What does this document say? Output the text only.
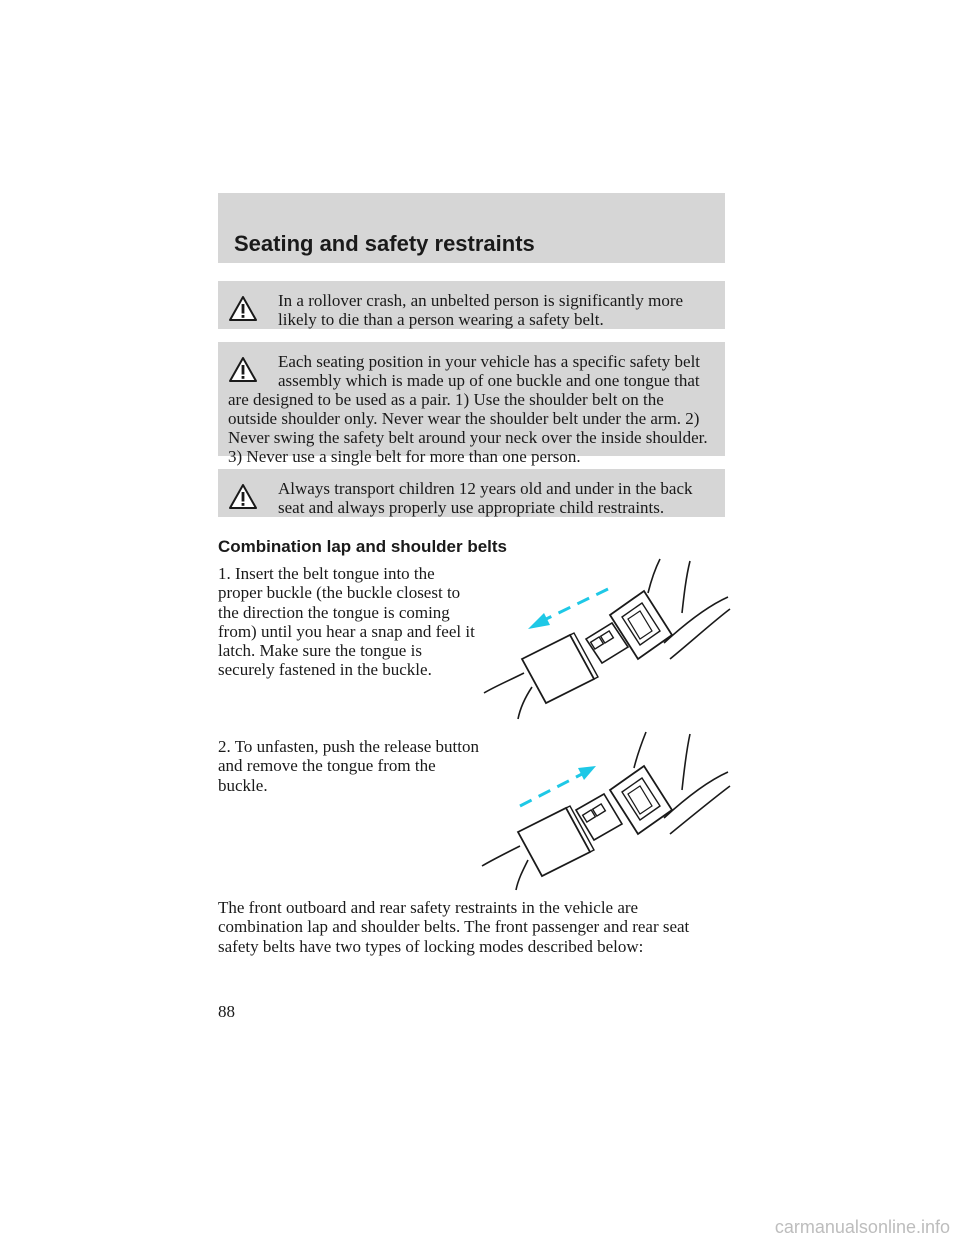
Seating and safety restraints
In a rollover crash, an unbelted person is significantly more likely to die than a person wearing a safety belt.
Each seating position in your vehicle has a specific safety belt assembly which is made up of one buckle and one tongue that are designed to be used as a pair. 1) Use the shoulder belt on the outside shoulder only. Never wear the shoulder belt under the arm. 2) Never swing the safety belt around your neck over the inside shoulder. 3) Never use a single belt for more than one person.
Always transport children 12 years old and under in the back seat and always properly use appropriate child restraints.
Combination lap and shoulder belts

1. Insert the belt tongue into the proper buckle (the buckle closest to the direction the tongue is coming from) until you hear a snap and feel it latch. Make sure the tongue is securely fastened in the buckle.

2. To unfasten, push the release button and remove the tongue from the buckle.

The front outboard and rear safety restraints in the vehicle are combination lap and shoulder belts. The front passenger and rear seat safety belts have two types of locking modes described below:

88

carmanualsonline.info
